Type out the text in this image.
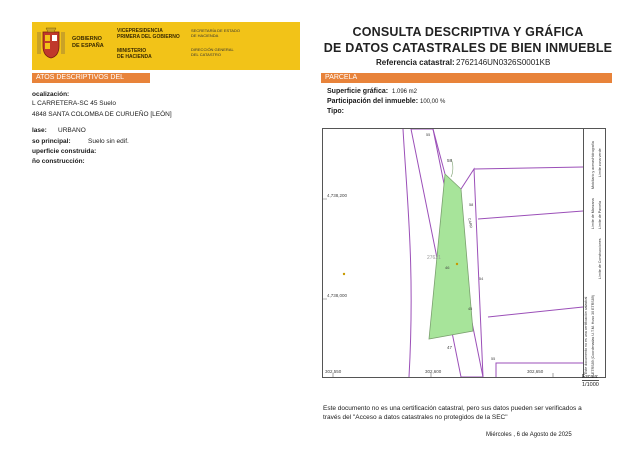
GOBIERNO
DE ESPAÑA
VICEPRESIDENCIA
PRIMERA DEL GOBIERNO
MINISTERIO
DE HACIENDA
SECRETARÍA DE ESTADO
DE HACIENDA
DIRECCIÓN GENERAL
DEL CATASTRO
CONSULTA DESCRIPTIVA Y GRÁFICA
DE DATOS CATASTRALES DE BIEN INMUEBLE
Referencia catastral: 2762146UN0326S0001KB
ATOS DESCRIPTIVOS DEL INMUEBLE
PARCELA
ocalización:
L CARRETERA-SC 45 Suelo
4848 SANTA COLOMBA DE CURUEÑO [LEÓN]
lase: URBANO
so principal:	Suelo sin edif.
uperficie construida:
ño construcción:
Superficie gráfica: 1.096 m2
Participación del inmueble: 100,00 %
Tipo:
4,738,200
4,738,000
302,550	302,600	302,650
27621
46
58
47
55
58
55
54
45
CARR
Este documento no es una certificación catastral ETRS89 (Coordenadas U.T.M. Huso 30 ETRS89)
Límite de Construcciones
Límite de Parcela
Límite de Manzana
Mobiliario y aceras Límite zona verde
Hidrografía
Escala:
1/1000
Este documento no es una certificación catastral, pero sus datos pueden ser verificados a través del "Acceso a datos catastrales no protegidos de la SEC"
Miércoles , 6 de Agosto de 2025
